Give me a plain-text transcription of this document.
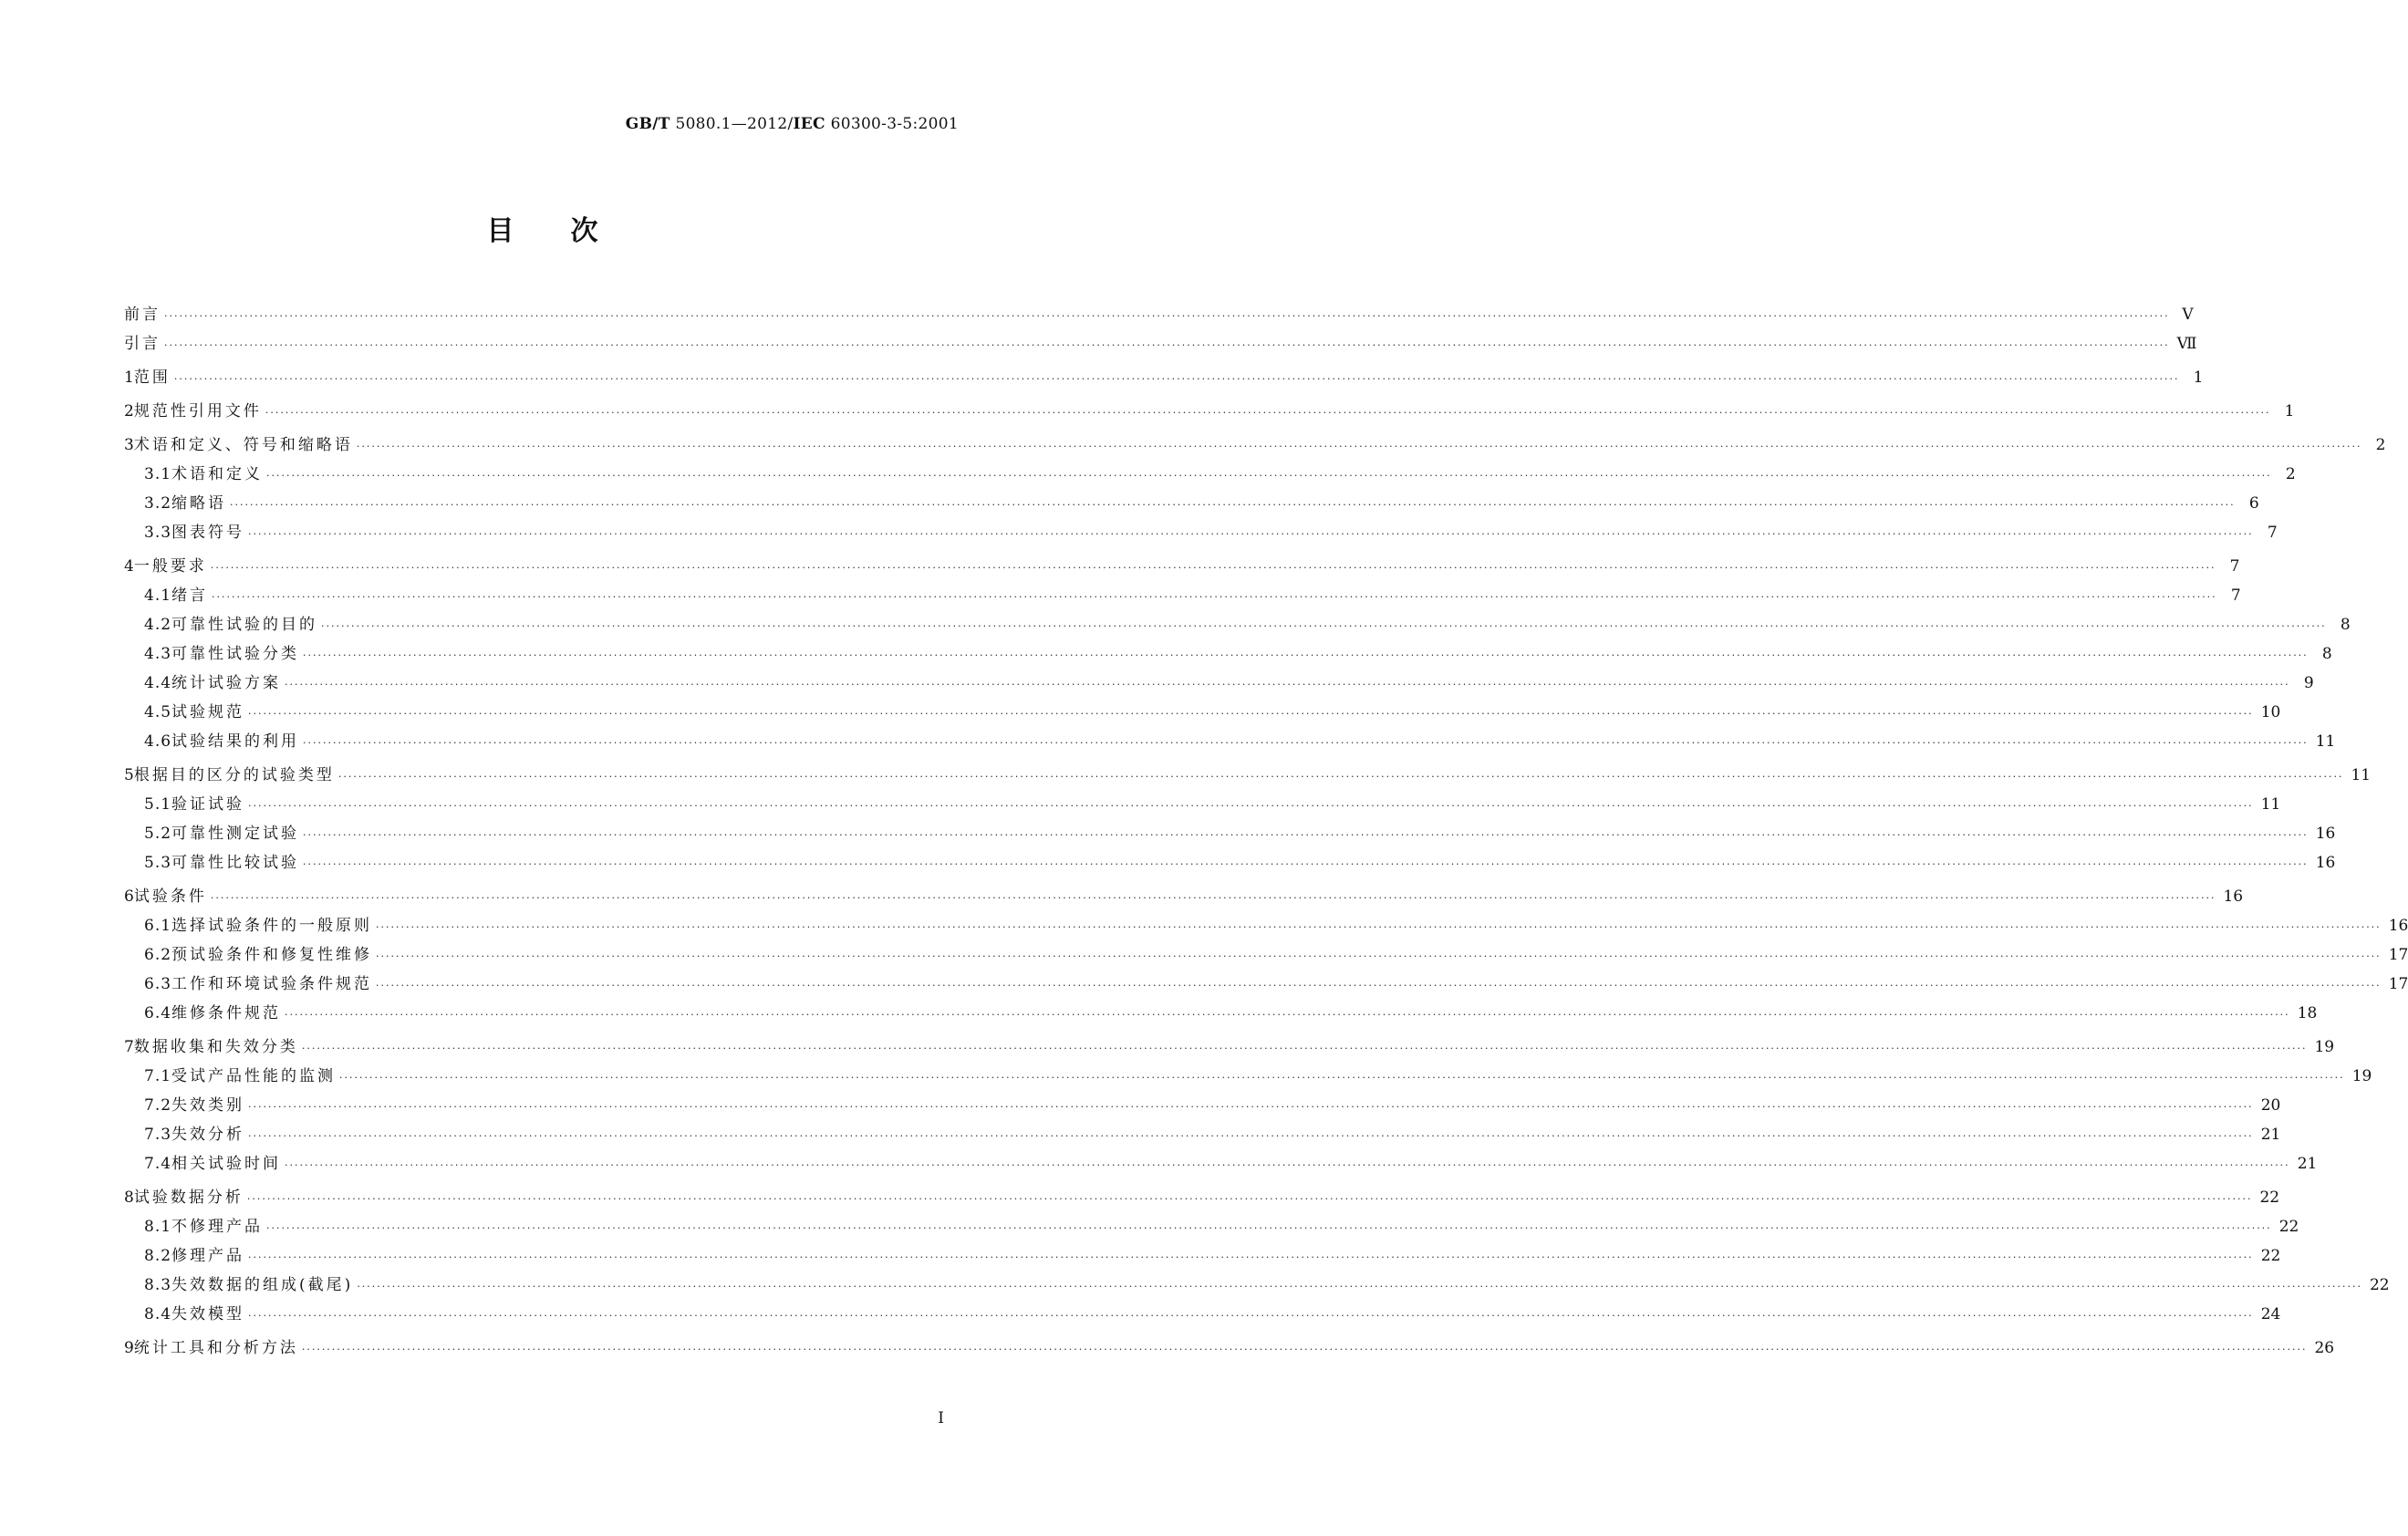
GB/T 5080.1—2012/IEC 60300-3-5:2001
目 次
前言 ················································································································································································································································································································································································································ Ⅴ
引言 ················································································································································································································································································································································································································ Ⅶ
1 范围 ················································································································································································································································································································································································································ 1
2 规范性引用文件 ················································································································································································································································································································································································································ 1
3 术语和定义、符号和缩略语 ················································································································································································································································································································································································································ 2
3.1 术语和定义 ················································································································································································································································································································································································································ 2
3.2 缩略语 ················································································································································································································································································································································································································ 6
3.3 图表符号 ················································································································································································································································································································································································································ 7
4 一般要求 ················································································································································································································································································································································································································ 7
4.1 绪言 ················································································································································································································································································································································································································ 7
4.2 可靠性试验的目的 ················································································································································································································································································································································································································ 8
4.3 可靠性试验分类 ················································································································································································································································································································································································································ 8
4.4 统计试验方案 ················································································································································································································································································································································································································ 9
4.5 试验规范 ················································································································································································································································································································································································································ 10
4.6 试验结果的利用 ················································································································································································································································································································································································································ 11
5 根据目的区分的试验类型 ················································································································································································································································································································································································································ 11
5.1 验证试验 ················································································································································································································································································································································································································ 11
5.2 可靠性测定试验 ················································································································································································································································································································································································································ 16
5.3 可靠性比较试验 ················································································································································································································································································································································································································ 16
6 试验条件 ················································································································································································································································································································································································································ 16
6.1 选择试验条件的一般原则 ················································································································································································································································································································································································································ 16
6.2 预试验条件和修复性维修 ················································································································································································································································································································································································································ 17
6.3 工作和环境试验条件规范 ················································································································································································································································································································································································································ 17
6.4 维修条件规范 ················································································································································································································································································································································································································ 18
7 数据收集和失效分类 ················································································································································································································································································································································································································ 19
7.1 受试产品性能的监测 ················································································································································································································································································································································································································ 19
7.2 失效类别 ················································································································································································································································································································································································································ 20
7.3 失效分析 ················································································································································································································································································································································································································ 21
7.4 相关试验时间 ················································································································································································································································································································································································································ 21
8 试验数据分析 ················································································································································································································································································································································································································ 22
8.1 不修理产品 ················································································································································································································································································································································································································ 22
8.2 修理产品 ················································································································································································································································································································································································································ 22
8.3 失效数据的组成(截尾) ················································································································································································································································································································································································································ 22
8.4 失效模型 ················································································································································································································································································································································································································ 24
9 统计工具和分析方法 ················································································································································································································································································································································································································ 26
I
